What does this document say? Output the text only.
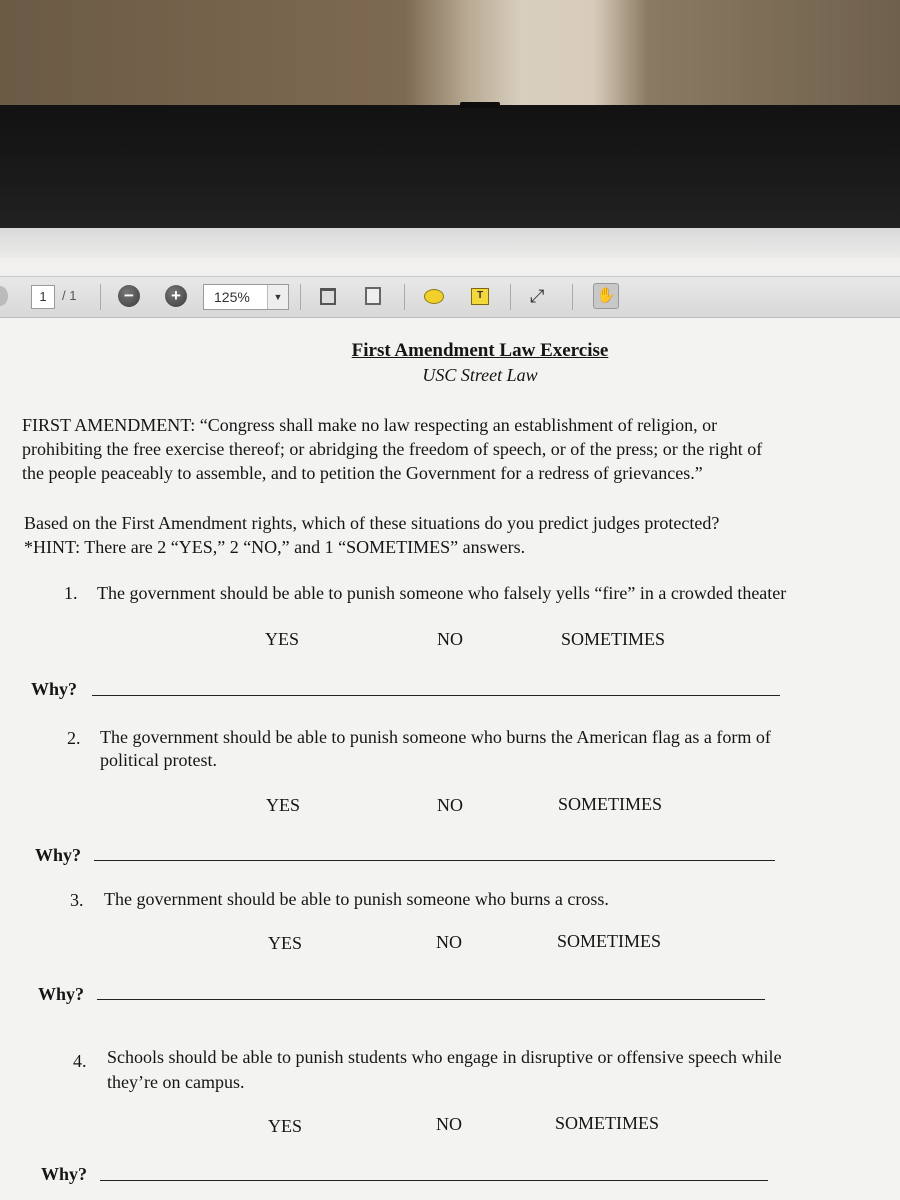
1	/ 1	−	+	125%	▼	T	⤢	✋
First Amendment Law Exercise
USC Street Law
FIRST AMENDMENT: “Congress shall make no law respecting an establishment of religion, or
prohibiting the free exercise thereof; or abridging the freedom of speech, or of the press; or the right of
the people peaceably to assemble, and to petition the Government for a redress of grievances.”
Based on the First Amendment rights, which of these situations do you predict judges protected?
*HINT: There are 2 “YES,” 2 “NO,” and 1 “SOMETIMES” answers.
1. The government should be able to punish someone who falsely yells “fire” in a crowded theater
YES	NO	SOMETIMES
Why?
2. The government should be able to punish someone who burns the American flag as a form of
political protest.
YES	NO	SOMETIMES
Why?
3. The government should be able to punish someone who burns a cross.
YES	NO	SOMETIMES
Why?
4. Schools should be able to punish students who engage in disruptive or offensive speech while
they’re on campus.
YES	NO	SOMETIMES
Why?
